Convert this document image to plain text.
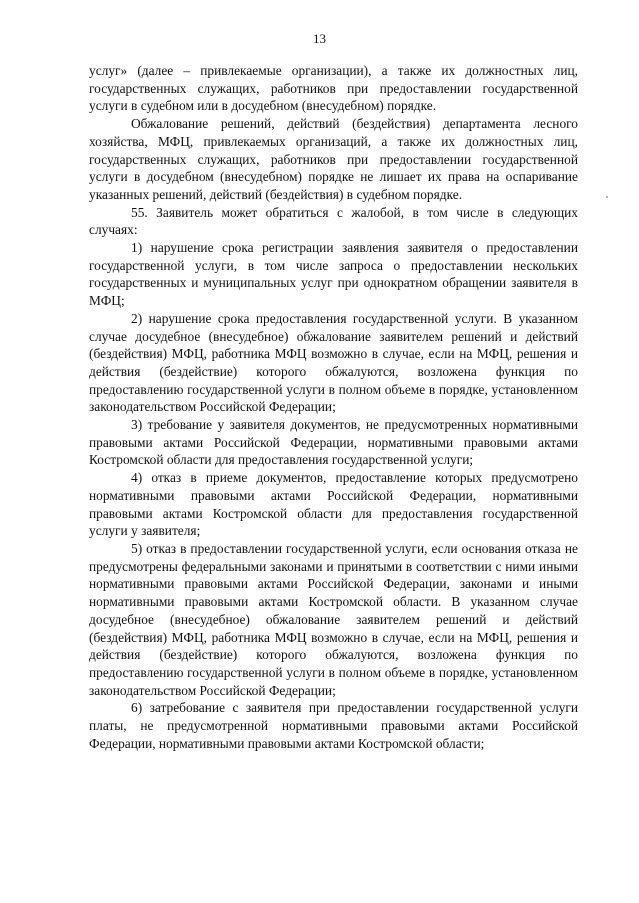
13

услуг» (далее – привлекаемые организации), а также их должностных лиц, государственных служащих, работников при предоставлении государственной услуги в судебном или в досудебном (внесудебном) порядке.

Обжалование решений, действий (бездействия) департамента лесного хозяйства, МФЦ, привлекаемых организаций, а также их должностных лиц, государственных служащих, работников при предоставлении государственной услуги в досудебном (внесудебном) порядке не лишает их права на оспаривание указанных решений, действий (бездействия) в судебном порядке.

55. Заявитель может обратиться с жалобой, в том числе в следующих случаях:

1) нарушение срока регистрации заявления заявителя о предоставлении государственной услуги, в том числе запроса о предоставлении нескольких государственных и муниципальных услуг при однократном обращении заявителя в МФЦ;

2) нарушение срока предоставления государственной услуги. В указанном случае досудебное (внесудебное) обжалование заявителем решений и действий (бездействия) МФЦ, работника МФЦ возможно в случае, если на МФЦ, решения и действия (бездействие) которого обжалуются, возложена функция по предоставлению государственной услуги в полном объеме в порядке, установленном законодательством Российской Федерации;

3) требование у заявителя документов, не предусмотренных нормативными правовыми актами Российской Федерации, нормативными правовыми актами Костромской области для предоставления государственной услуги;

4) отказ в приеме документов, предоставление которых предусмотрено нормативными правовыми актами Российской Федерации, нормативными правовыми актами Костромской области для предоставления государственной услуги у заявителя;

5) отказ в предоставлении государственной услуги, если основания отказа не предусмотрены федеральными законами и принятыми в соответствии с ними иными нормативными правовыми актами Российской Федерации, законами и иными нормативными правовыми актами Костромской области. В указанном случае досудебное (внесудебное) обжалование заявителем решений и действий (бездействия) МФЦ, работника МФЦ возможно в случае, если на МФЦ, решения и действия (бездействие) которого обжалуются, возложена функция по предоставлению государственной услуги в полном объеме в порядке, установленном законодательством Российской Федерации;

6) затребование с заявителя при предоставлении государственной услуги платы, не предусмотренной нормативными правовыми актами Российской Федерации, нормативными правовыми актами Костромской области;
